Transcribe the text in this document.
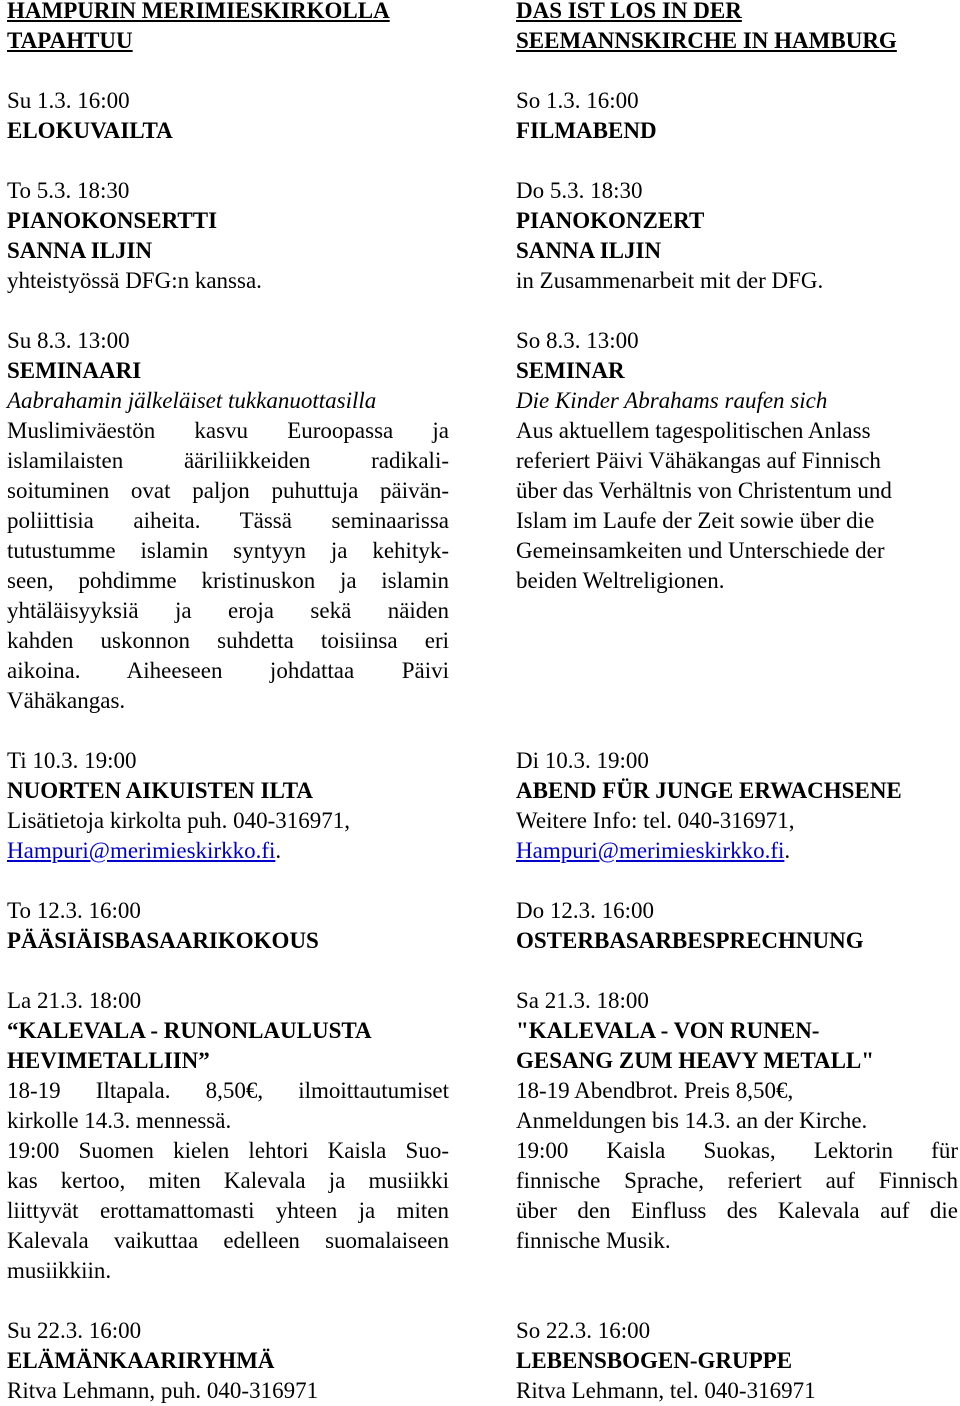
HAMPURIN MERIMIESKIRKOLLA
TAPAHTUU
Su 1.3. 16:00
ELOKUVAILTA
To 5.3. 18:30
PIANOKONSERTTI
SANNA ILJIN
yhteistyössä DFG:n kanssa.
Su 8.3. 13:00
SEMINAARI
Aabrahamin jälkeläiset tukkanuottasilla
Muslimiväestön kasvu Euroopassa ja
islamilaisten ääriliikkeiden radikali-
soituminen ovat paljon puhuttuja päivän-
poliittisia aiheita. Tässä seminaarissa
tutustumme islamin syntyyn ja kehityk-
seen, pohdimme kristinuskon ja islamin
yhtäläisyyksiä ja eroja sekä näiden
kahden uskonnon suhdetta toisiinsa eri
aikoina. Aiheeseen johdattaa Päivi
Vähäkangas.
Ti 10.3. 19:00
NUORTEN AIKUISTEN ILTA
Lisätietoja kirkolta puh. 040-316971,
Hampuri@merimieskirkko.fi.
To 12.3. 16:00
PÄÄSIÄISBASAARIKOKOUS
La 21.3. 18:00
“KALEVALA - RUNONLAULUSTA
HEVIMETALLIIN”
18-19 Iltapala. 8,50€, ilmoittautumiset
kirkolle 14.3. mennessä.
19:00 Suomen kielen lehtori Kaisla Suo-
kas kertoo, miten Kalevala ja musiikki
liittyvät erottamattomasti yhteen ja miten
Kalevala vaikuttaa edelleen suomalaiseen
musiikkiin.
Su 22.3. 16:00
ELÄMÄNKAARIRYHMÄ
Ritva Lehmann, puh. 040-316971
DAS IST LOS IN DER
SEEMANNSKIRCHE IN HAMBURG
So 1.3. 16:00
FILMABEND
Do 5.3. 18:30
PIANOKONZERT
SANNA ILJIN
in Zusammenarbeit mit der DFG.
So 8.3. 13:00
SEMINAR
Die Kinder Abrahams raufen sich
Aus aktuellem tagespolitischen Anlass
referiert Päivi Vähäkangas auf Finnisch
über das Verhältnis von Christentum und
Islam im Laufe der Zeit sowie über die
Gemeinsamkeiten und Unterschiede der
beiden Weltreligionen.
Di 10.3. 19:00
ABEND FÜR JUNGE ERWACHSENE
Weitere Info: tel. 040-316971,
Hampuri@merimieskirkko.fi.
Do 12.3. 16:00
OSTERBASARBESPRECHNUNG
Sa 21.3. 18:00
"KALEVALA - VON RUNEN-
GESANG ZUM HEAVY METALL"
18-19 Abendbrot. Preis 8,50€,
Anmeldungen bis 14.3. an der Kirche.
19:00 Kaisla Suokas, Lektorin für
finnische Sprache, referiert auf Finnisch
über den Einfluss des Kalevala auf die
finnische Musik.
So 22.3. 16:00
LEBENSBOGEN-GRUPPE
Ritva Lehmann, tel. 040-316971
